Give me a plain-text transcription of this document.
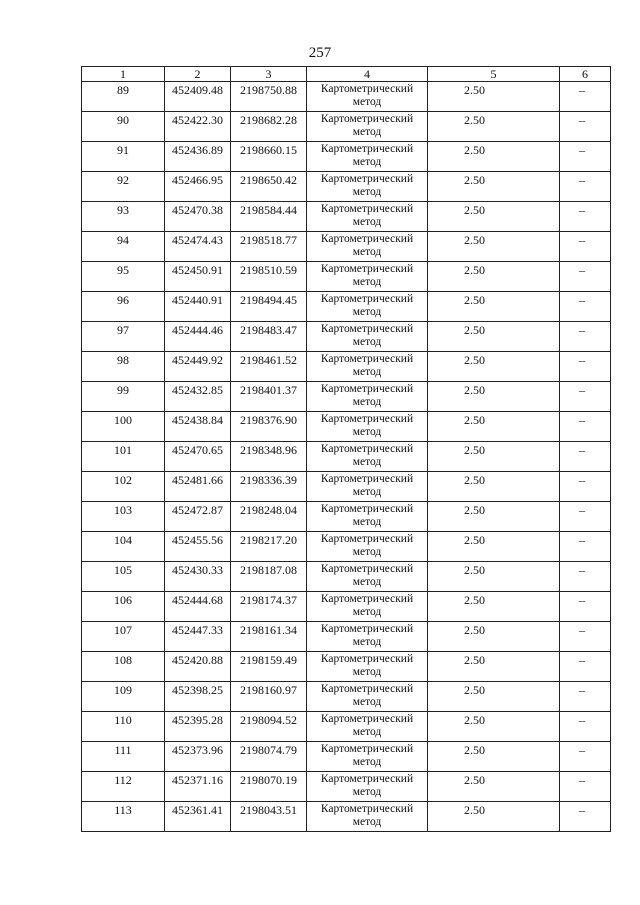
257
1	2	3	4	5	6
89	452409.48	2198750.88	Картометрический
метод	2.50	–
90	452422.30	2198682.28	Картометрический
метод	2.50	–
91	452436.89	2198660.15	Картометрический
метод	2.50	–
92	452466.95	2198650.42	Картометрический
метод	2.50	–
93	452470.38	2198584.44	Картометрический
метод	2.50	–
94	452474.43	2198518.77	Картометрический
метод	2.50	–
95	452450.91	2198510.59	Картометрический
метод	2.50	–
96	452440.91	2198494.45	Картометрический
метод	2.50	–
97	452444.46	2198483.47	Картометрический
метод	2.50	–
98	452449.92	2198461.52	Картометрический
метод	2.50	–
99	452432.85	2198401.37	Картометрический
метод	2.50	–
100	452438.84	2198376.90	Картометрический
метод	2.50	–
101	452470.65	2198348.96	Картометрический
метод	2.50	–
102	452481.66	2198336.39	Картометрический
метод	2.50	–
103	452472.87	2198248.04	Картометрический
метод	2.50	–
104	452455.56	2198217.20	Картометрический
метод	2.50	–
105	452430.33	2198187.08	Картометрический
метод	2.50	–
106	452444.68	2198174.37	Картометрический
метод	2.50	–
107	452447.33	2198161.34	Картометрический
метод	2.50	–
108	452420.88	2198159.49	Картометрический
метод	2.50	–
109	452398.25	2198160.97	Картометрический
метод	2.50	–
110	452395.28	2198094.52	Картометрический
метод	2.50	–
111	452373.96	2198074.79	Картометрический
метод	2.50	–
112	452371.16	2198070.19	Картометрический
метод	2.50	–
113	452361.41	2198043.51	Картометрический
метод	2.50	–
